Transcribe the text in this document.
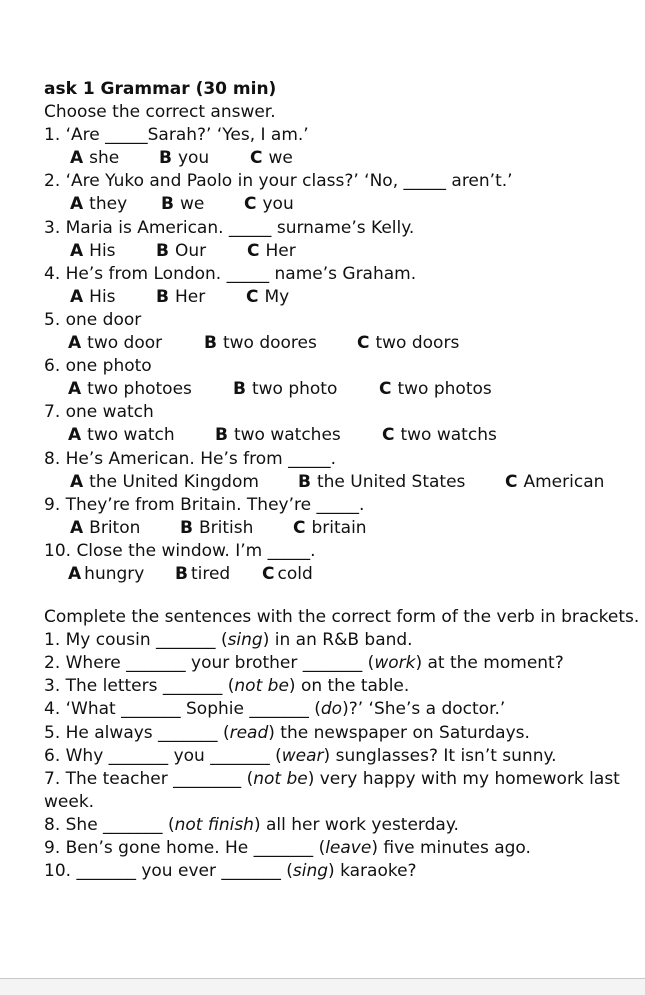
ask 1 Grammar (30 min)
Choose the correct answer.
1. ‘Are _____Sarah?’ ‘Yes, I am.’
A she B you C we
2. ‘Are Yuko and Paolo in your class?’ ‘No, _____ aren’t.’
A they B we C you
3. Maria is American. _____ surname’s Kelly.
A His B Our C Her
4. He’s from London. _____ name’s Graham.
A His B Her C My
5. one door
A two door B two doores C two doors
6. one photo
A two photoes B two photo C two photos
7. one watch
A two watch B two watches C two watchs
8. He’s American. He’s from _____.
A the United Kingdom B the United States C American
9. They’re from Britain. They’re _____.
A Briton B British C britain
10. Close the window. I’m _____.
A hungry B tired C cold
Complete the sentences with the correct form of the verb in brackets.
1. My cousin _______ (sing) in an R&B band.
2. Where _______ your brother _______ (work) at the moment?
3. The letters _______ (not be) on the table.
4. ‘What _______ Sophie _______ (do)?’ ‘She’s a doctor.’
5. He always _______ (read) the newspaper on Saturdays.
6. Why _______ you _______ (wear) sunglasses? It isn’t sunny.
7. The teacher ________ (not be) very happy with my homework last
week.
8. She _______ (not finish) all her work yesterday.
9. Ben’s gone home. He _______ (leave) five minutes ago.
10. _______ you ever _______ (sing) karaoke?
